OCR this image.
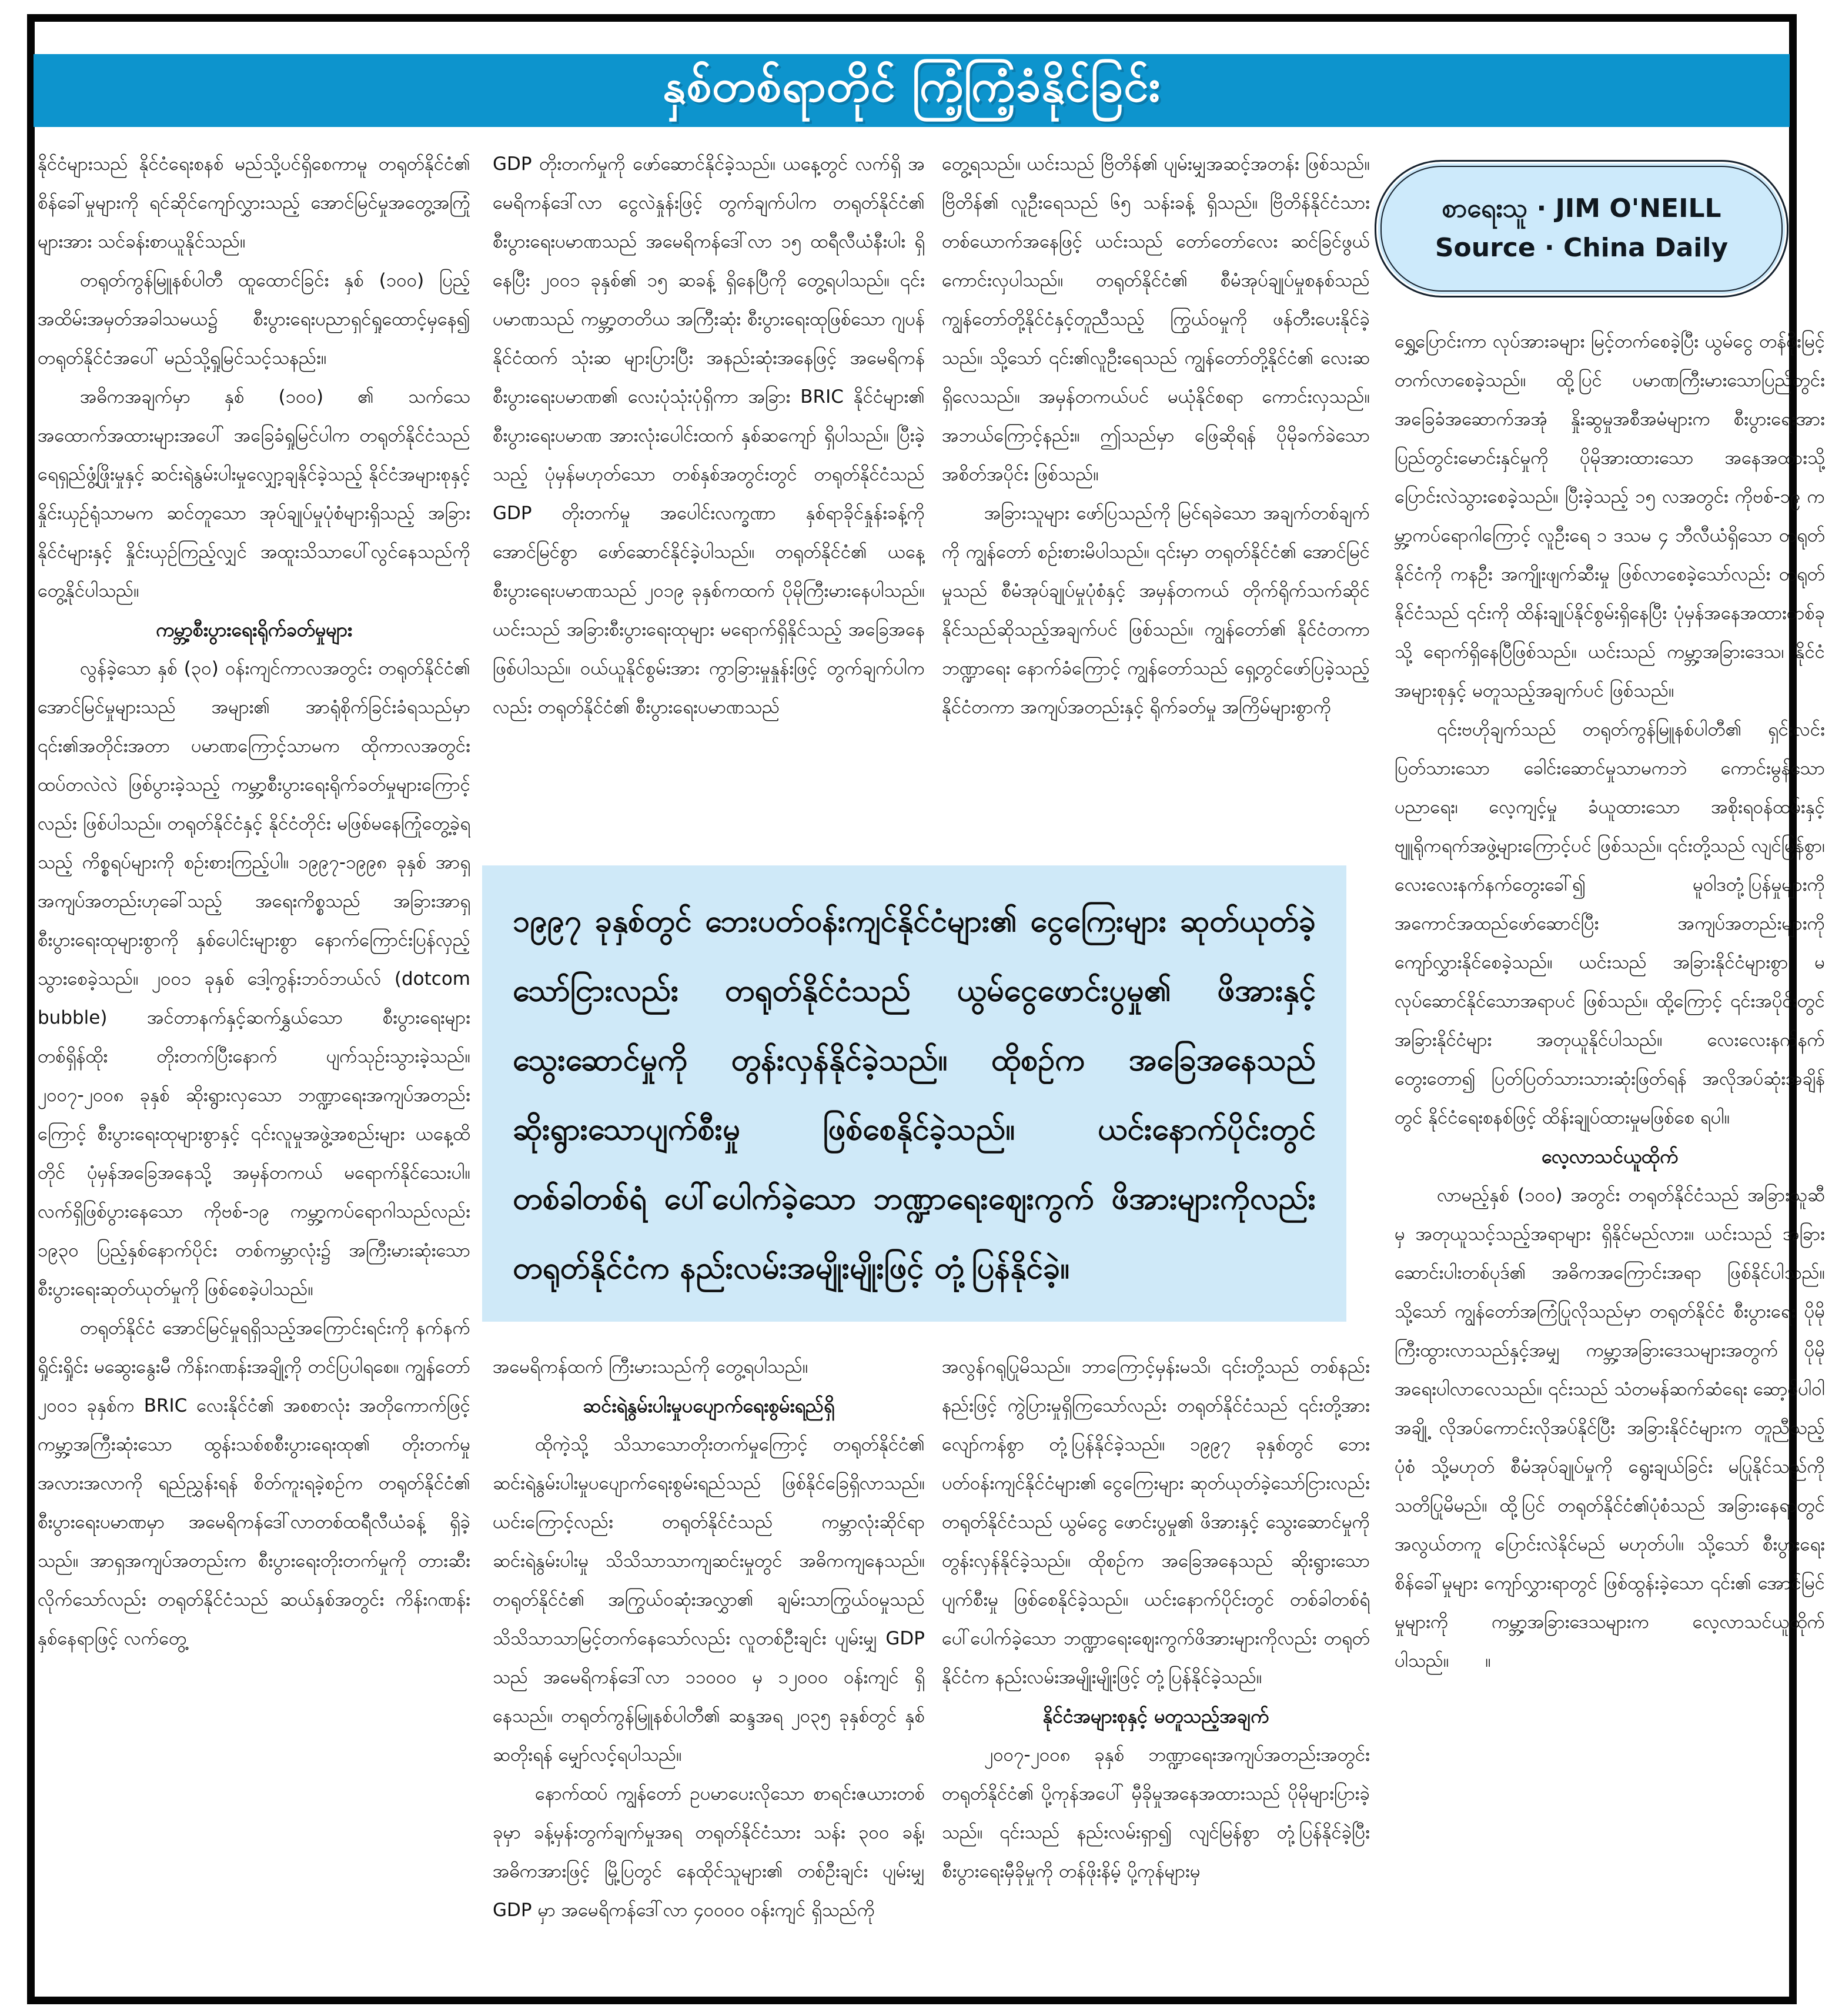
နှစ်တစ်ရာတိုင် ကြံ့ကြံ့ခံနိုင်ခြင်း

နိုင်ငံများသည် နိုင်ငံရေးစနစ် မည်သို့ပင်ရှိစေကာမူ တရုတ်နိုင်ငံ၏ စိန်ခေါ်မှုများကို ရင်ဆိုင်ကျော်လွှားသည့် အောင်မြင်မှုအတွေ့အကြုံများအား သင်ခန်းစာယူနိုင်သည်။

တရုတ်ကွန်မြူနစ်ပါတီ ထူထောင်ခြင်း နှစ် (၁၀၀) ပြည့် အထိမ်းအမှတ်အခါသမယ၌ စီးပွားရေးပညာရှင်ရှုထောင့်မှနေ၍ တရုတ်နိုင်ငံအပေါ် မည်သို့ရှုမြင်သင့်သနည်း။

အဓိကအချက်မှာ နှစ် (၁၀၀) ၏ သက်သေအထောက်အထားများအပေါ် အခြေခံရှုမြင်ပါက တရုတ်နိုင်ငံသည် ရေရှည်ဖွံ့ဖြိုးမှုနှင့် ဆင်းရဲနွမ်းပါးမှုလျှော့ချနိုင်ခဲ့သည့် နိုင်ငံအများစုနှင့် နှိုင်းယှဉ်ရုံသာမက ဆင်တူသော အုပ်ချုပ်မှုပုံစံများရှိသည့် အခြားနိုင်ငံများနှင့် နှိုင်းယှဉ်ကြည့်လျှင် အထူးသိသာပေါ်လွင်နေသည်ကို တွေ့နိုင်ပါသည်။

ကမ္ဘာ့စီးပွားရေးရိုက်ခတ်မှုများ

လွန်ခဲ့သော နှစ် (၃၀) ဝန်းကျင်ကာလအတွင်း တရုတ်နိုင်ငံ၏ အောင်မြင်မှုများသည် အများ၏ အာရုံစိုက်ခြင်းခံရသည်မှာ ၎င်း၏အတိုင်းအတာ ပမာဏကြောင့်သာမက ထိုကာလအတွင်း ထပ်တလဲလဲ ဖြစ်ပွားခဲ့သည့် ကမ္ဘာ့စီးပွားရေးရိုက်ခတ်မှုများကြောင့်လည်း ဖြစ်ပါသည်။ တရုတ်နိုင်ငံနှင့် နိုင်ငံတိုင်း မဖြစ်မနေကြုံတွေ့ခဲ့ရသည့် ကိစ္စရပ်များကို စဉ်းစားကြည့်ပါ။ ၁၉၉၇-၁၉၉၈ ခုနှစ် အာရှအကျပ်အတည်းဟုခေါ်သည့် အရေးကိစ္စသည် အခြားအာရှစီးပွားရေးထုများစွာကို နှစ်ပေါင်းများစွာ နောက်ကြောင်းပြန်လှည့်သွားစေခဲ့သည်။ ၂၀၀၁ ခုနှစ် ဒေါ့ကွန်းဘဝ်ဘယ်လ် (dotcom bubble) အင်တာနက်နှင့်ဆက်နွှယ်သော စီးပွားရေးများ တစ်ရှိန်ထိုး တိုးတက်ပြီးနောက် ပျက်သုဉ်းသွားခဲ့သည်။ ၂၀၀၇-၂၀၀၈ ခုနှစ် ဆိုးရွားလှသော ဘဏ္ဍာရေးအကျပ်အတည်းကြောင့် စီးပွားရေးထုများစွာနှင့် ၎င်းလူမှုအဖွဲ့အစည်းများ ယနေ့ထိတိုင် ပုံမှန်အခြေအနေသို့ အမှန်တကယ် မရောက်နိုင်သေးပါ။ လက်ရှိဖြစ်ပွားနေသော ကိုဗစ်-၁၉ ကမ္ဘာ့ကပ်ရောဂါသည်လည်း ၁၉၃၀ ပြည့်နှစ်နောက်ပိုင်း တစ်ကမ္ဘာလုံး၌ အကြီးမားဆုံးသော စီးပွားရေးဆုတ်ယုတ်မှုကို ဖြစ်စေခဲ့ပါသည်။

တရုတ်နိုင်ငံ အောင်မြင်မှုရရှိသည့်အကြောင်းရင်းကို နက်နက်ရှိုင်းရှိုင်း မဆွေးနွေးမီ ကိန်းဂဏန်းအချို့ကို တင်ပြပါရစေ။ ကျွန်တော် ၂၀၀၁ ခုနှစ်က BRIC လေးနိုင်ငံ၏ အစစာလုံး အတိုကောက်ဖြင့် ကမ္ဘာ့အကြီးဆုံးသော ထွန်းသစ်စစီးပွားရေးထု၏ တိုးတက်မှုအလားအလာကို ရည်ညွှန်းရန် စိတ်ကူးရခဲ့စဉ်က တရုတ်နိုင်ငံ၏ စီးပွားရေးပမာဏမှာ အမေရိကန်ဒေါ်လာတစ်ထရီလီယံခန့် ရှိခဲ့သည်။ အာရှအကျပ်အတည်းက စီးပွားရေးတိုးတက်မှုကို တားဆီးလိုက်သော်လည်း တရုတ်နိုင်ငံသည် ဆယ်နှစ်အတွင်း ကိန်းဂဏန်းနှစ်နေရာဖြင့် လက်တွေ့

GDP တိုးတက်မှုကို ဖော်ဆောင်နိုင်ခဲ့သည်။ ယနေ့တွင် လက်ရှိ အမေရိကန်ဒေါ်လာ ငွေလဲနှုန်းဖြင့် တွက်ချက်ပါက တရုတ်နိုင်ငံ၏ စီးပွားရေးပမာဏသည် အမေရိကန်ဒေါ်လာ ၁၅ ထရီလီယံနီးပါး ရှိနေပြီး ၂၀၀၁ ခုနှစ်၏ ၁၅ ဆခန့် ရှိနေပြီကို တွေ့ရပါသည်။ ၎င်းပမာဏသည် ကမ္ဘာ့တတိယ အကြီးဆုံး စီးပွားရေးထုဖြစ်သော ဂျပန်နိုင်ငံထက် သုံးဆ များပြားပြီး အနည်းဆုံးအနေဖြင့် အမေရိကန် စီးပွားရေးပမာဏ၏ လေးပုံသုံးပုံရှိကာ အခြား BRIC နိုင်ငံများ၏ စီးပွားရေးပမာဏ အားလုံးပေါင်းထက် နှစ်ဆကျော် ရှိပါသည်။ ပြီးခဲ့သည့် ပုံမှန်မဟုတ်သော တစ်နှစ်အတွင်းတွင် တရုတ်နိုင်ငံသည် GDP တိုးတက်မှု အပေါင်းလက္ခဏာ နှစ်ရာခိုင်နှုန်းခန့်ကို အောင်မြင်စွာ ဖော်ဆောင်နိုင်ခဲ့ပါသည်။ တရုတ်နိုင်ငံ၏ ယနေ့စီးပွားရေးပမာဏသည် ၂၀၁၉ ခုနှစ်ကထက် ပိုမိုကြီးမားနေပါသည်။ ယင်းသည် အခြားစီးပွားရေးထုများ မရောက်ရှိနိုင်သည့် အခြေအနေဖြစ်ပါသည်။ ဝယ်ယူနိုင်စွမ်းအား ကွာခြားမှုနှုန်းဖြင့် တွက်ချက်ပါကလည်း တရုတ်နိုင်ငံ၏ စီးပွားရေးပမာဏသည်

တွေ့ရသည်။ ယင်းသည် ဗြိတိန်၏ ပျမ်းမျှအဆင့်အတန်း ဖြစ်သည်။ ဗြိတိန်၏ လူဦးရေသည် ၆၅ သန်းခန့် ရှိသည်။ ဗြိတိန်နိုင်ငံသား တစ်ယောက်အနေဖြင့် ယင်းသည် တော်တော်လေး ဆင်ခြင်ဖွယ်ကောင်းလှပါသည်။ တရုတ်နိုင်ငံ၏ စီမံအုပ်ချုပ်မှုစနစ်သည် ကျွန်တော်တို့နိုင်ငံနှင့်တူညီသည့် ကြွယ်ဝမှုကို ဖန်တီးပေးနိုင်ခဲ့သည်။ သို့သော် ၎င်း၏လူဦးရေသည် ကျွန်တော်တို့နိုင်ငံ၏ လေးဆရှိလေသည်။ အမှန်တကယ်ပင် မယုံနိုင်စရာ ကောင်းလှသည်။ အဘယ်ကြောင့်နည်း။ ဤသည်မှာ ဖြေဆိုရန် ပိုမိုခက်ခဲသော အစိတ်အပိုင်း ဖြစ်သည်။

အခြားသူများ ဖော်ပြသည်ကို မြင်ရခဲသော အချက်တစ်ချက်ကို ကျွန်တော် စဉ်းစားမိပါသည်။ ၎င်းမှာ တရုတ်နိုင်ငံ၏ အောင်မြင်မှုသည် စီမံအုပ်ချုပ်မှုပုံစံနှင့် အမှန်တကယ် တိုက်ရိုက်သက်ဆိုင်နိုင်သည်ဆိုသည့်အချက်ပင် ဖြစ်သည်။ ကျွန်တော်၏ နိုင်ငံတကာဘဏ္ဍာရေး နောက်ခံကြောင့် ကျွန်တော်သည် ရှေ့တွင်ဖော်ပြခဲ့သည့် နိုင်ငံတကာ အကျပ်အတည်းနှင့် ရိုက်ခတ်မှု အကြိမ်များစွာကို

၁၉၉၇ ခုနှစ်တွင် ဘေးပတ်ဝန်းကျင်နိုင်ငံများ၏ ငွေကြေးများ ဆုတ်ယုတ်ခဲ့သော်ငြားလည်း တရုတ်နိုင်ငံသည် ယွမ်ငွေဖောင်းပွမှု၏ ဖိအားနှင့် သွေးဆောင်မှုကို တွန်းလှန်နိုင်ခဲ့သည်။ ထိုစဉ်က အခြေအနေသည် ဆိုးရွားသောပျက်စီးမှု ဖြစ်စေနိုင်ခဲ့သည်။ ယင်းနောက်ပိုင်းတွင် တစ်ခါတစ်ရံ ပေါ်ပေါက်ခဲ့သော ဘဏ္ဍာရေးဈေးကွက် ဖိအားများကိုလည်း တရုတ်နိုင်ငံက နည်းလမ်းအမျိုးမျိုးဖြင့် တုံ့ပြန်နိုင်ခဲ့။

အမေရိကန်ထက် ကြီးမားသည်ကို တွေ့ရပါသည်။

ဆင်းရဲနွမ်းပါးမှုပပျောက်ရေးစွမ်းရည်ရှိ

ထိုကဲ့သို့ သိသာသောတိုးတက်မှုကြောင့် တရုတ်နိုင်ငံ၏ ဆင်းရဲနွမ်းပါးမှုပပျောက်ရေးစွမ်းရည်သည် ဖြစ်နိုင်ခြေရှိလာသည်။ ယင်းကြောင့်လည်း တရုတ်နိုင်ငံသည် ကမ္ဘာလုံးဆိုင်ရာ ဆင်းရဲနွမ်းပါးမှု သိသိသာသာကျဆင်းမှုတွင် အဓိကကျနေသည်။ တရုတ်နိုင်ငံ၏ အကြွယ်ဝဆုံးအလွှာ၏ ချမ်းသာကြွယ်ဝမှုသည် သိသိသာသာမြင့်တက်နေသော်လည်း လူတစ်ဦးချင်း ပျမ်းမျှ GDP သည် အမေရိကန်ဒေါ်လာ ၁၁၀၀၀ မှ ၁၂၀၀၀ ဝန်းကျင် ရှိနေသည်။ တရုတ်ကွန်မြူနစ်ပါတီ၏ ဆန္ဒအရ ၂၀၃၅ ခုနှစ်တွင် နှစ်ဆတိုးရန် မျှော်လင့်ရပါသည်။

နောက်ထပ် ကျွန်တော် ဥပမာပေးလိုသော စာရင်းဇယားတစ်ခုမှာ ခန့်မှန်းတွက်ချက်မှုအရ တရုတ်နိုင်ငံသား သန်း ၃၀၀ ခန့်၊ အဓိကအားဖြင့် မြို့ပြတွင် နေထိုင်သူများ၏ တစ်ဦးချင်း ပျမ်းမျှ GDP မှာ အမေရိကန်ဒေါ်လာ ၄၀၀၀၀ ဝန်းကျင် ရှိသည်ကို

အလွန်ဂရုပြုမိသည်။ ဘာကြောင့်မှန်းမသိ၊ ၎င်းတို့သည် တစ်နည်းနည်းဖြင့် ကွဲပြားမှုရှိကြသော်လည်း တရုတ်နိုင်ငံသည် ၎င်းတို့အား လျော်ကန်စွာ တုံ့ပြန်နိုင်ခဲ့သည်။ ၁၉၉၇ ခုနှစ်တွင် ဘေးပတ်ဝန်းကျင်နိုင်ငံများ၏ ငွေကြေးများ ဆုတ်ယုတ်ခဲ့သော်ငြားလည်း တရုတ်နိုင်ငံသည် ယွမ်ငွေ ဖောင်းပွမှု၏ ဖိအားနှင့် သွေးဆောင်မှုကို တွန်းလှန်နိုင်ခဲ့သည်။ ထိုစဉ်က အခြေအနေသည် ဆိုးရွားသောပျက်စီးမှု ဖြစ်စေနိုင်ခဲ့သည်။ ယင်းနောက်ပိုင်းတွင် တစ်ခါတစ်ရံ ပေါ်ပေါက်ခဲ့သော ဘဏ္ဍာရေးဈေးကွက်ဖိအားများကိုလည်း တရုတ်နိုင်ငံက နည်းလမ်းအမျိုးမျိုးဖြင့် တုံ့ပြန်နိုင်ခဲ့သည်။

နိုင်ငံအများစုနှင့် မတူသည့်အချက်

၂၀၀၇-၂၀၀၈ ခုနှစ် ဘဏ္ဍာရေးအကျပ်အတည်းအတွင်း တရုတ်နိုင်ငံ၏ ပို့ကုန်အပေါ် မှီခိုမှုအနေအထားသည် ပိုမိုများပြားခဲ့သည်။ ၎င်းသည် နည်းလမ်းရှာ၍ လျင်မြန်စွာ တုံ့ပြန်နိုင်ခဲ့ပြီး စီးပွားရေးမှီခိုမှုကို တန်ဖိုးနိမ့် ပို့ကုန်များမှ

စာရေးသူ · JIM O'NEILL
Source · China Daily

ရွှေ့ပြောင်းကာ လုပ်အားခများ မြင့်တက်စေခဲ့ပြီး ယွမ်ငွေ တန်ဖိုးမြင့်တက်လာစေခဲ့သည်။ ထို့ပြင် ပမာဏကြီးမားသောပြည်တွင်းအခြေခံအဆောက်အအုံ နှိုးဆွမှုအစီအမံများက စီးပွားရေးအား ပြည်တွင်းမောင်းနှင်မှုကို ပိုမိုအားထားသော အနေအထားသို့ ပြောင်းလဲသွားစေခဲ့သည်။ ပြီးခဲ့သည့် ၁၅ လအတွင်း ကိုဗစ်-၁၉ ကမ္ဘာ့ကပ်ရောဂါကြောင့် လူဦးရေ ၁ ဒသမ ၄ ဘီလီယံရှိသော တရုတ်နိုင်ငံကို ကနဦး အကျိုးဖျက်ဆီးမှု ဖြစ်လာစေခဲ့သော်လည်း တရုတ်နိုင်ငံသည် ၎င်းကို ထိန်းချုပ်နိုင်စွမ်းရှိနေပြီး ပုံမှန်အနေအထားတစ်ခုသို့ ရောက်ရှိနေပြီဖြစ်သည်။ ယင်းသည် ကမ္ဘာ့အခြားဒေသ၊ နိုင်ငံအများစုနှင့် မတူသည့်အချက်ပင် ဖြစ်သည်။

၎င်းဗဟိုချက်သည် တရုတ်ကွန်မြူနစ်ပါတီ၏ ရှင်းလင်းပြတ်သားသော ခေါင်းဆောင်မှုသာမကဘဲ ကောင်းမွန်သော ပညာရေး၊ လေ့ကျင့်မှု ခံယူထားသော အစိုးရဝန်ထမ်းနှင့် ဗျူရိုကရက်အဖွဲ့များကြောင့်ပင် ဖြစ်သည်။ ၎င်းတို့သည် လျင်မြန်စွာ၊ လေးလေးနက်နက်တွေးခေါ်၍ မူဝါဒတုံ့ပြန်မှုများကို အကောင်အထည်ဖော်ဆောင်ပြီး အကျပ်အတည်းများကို ကျော်လွှားနိုင်စေခဲ့သည်။ ယင်းသည် အခြားနိုင်ငံများစွာ မလုပ်ဆောင်နိုင်သောအရာပင် ဖြစ်သည်။ ထို့ကြောင့် ၎င်းအပိုင်းတွင် အခြားနိုင်ငံများ အတုယူနိုင်ပါသည်။ လေးလေးနက်နက် တွေးတော၍ ပြတ်ပြတ်သားသားဆုံးဖြတ်ရန် အလိုအပ်ဆုံးအချိန်တွင် နိုင်ငံရေးစနစ်ဖြင့် ထိန်းချုပ်ထားမှုမဖြစ်စေ ရပါ။

လေ့လာသင်ယူထိုက်

လာမည့်နှစ် (၁၀၀) အတွင်း တရုတ်နိုင်ငံသည် အခြားသူဆီမှ အတုယူသင့်သည့်အရာများ ရှိနိုင်မည်လား။ ယင်းသည် အခြားဆောင်းပါးတစ်ပုဒ်၏ အဓိကအကြောင်းအရာ ဖြစ်နိုင်ပါသည်။ သို့သော် ကျွန်တော်အကြံပြုလိုသည်မှာ တရုတ်နိုင်ငံ စီးပွားရေး ပိုမိုကြီးထွားလာသည်နှင့်အမျှ ကမ္ဘာ့အခြားဒေသများအတွက် ပိုမိုအရေးပါလာလေသည်။ ၎င်းသည် သံတမန်ဆက်ဆံရေး ဆော့ဖ်ပါဝါအချို့ လိုအပ်ကောင်းလိုအပ်နိုင်ပြီး အခြားနိုင်ငံများက တူညီသည့်ပုံစံ သို့မဟုတ် စီမံအုပ်ချုပ်မှုကို ရွေးချယ်ခြင်း မပြုနိုင်သည်ကို သတိပြုမိမည်။ ထို့ပြင် တရုတ်နိုင်ငံ၏ပုံစံသည် အခြားနေရာတွင် အလွယ်တကူ ပြောင်းလဲနိုင်မည် မဟုတ်ပါ။ သို့သော် စီးပွားရေးစိန်ခေါ်မှုများ ကျော်လွှားရာတွင် ဖြစ်ထွန်းခဲ့သော ၎င်း၏ အောင်မြင်မှုများကို ကမ္ဘာ့အခြားဒေသများက လေ့လာသင်ယူထိုက်ပါသည်။  ။
